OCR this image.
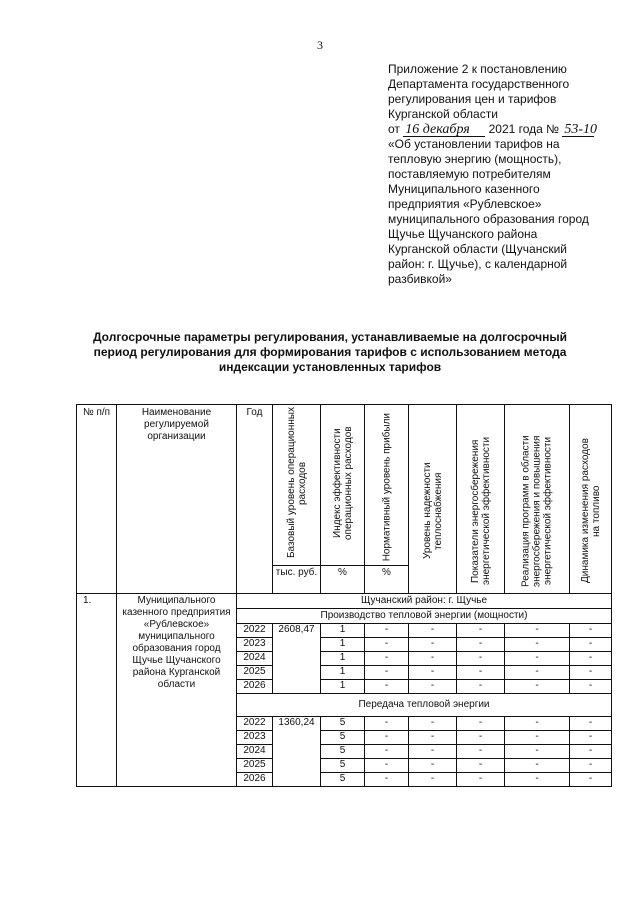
3
Приложение 2 к постановлению
Департамента государственного
регулирования цен и тарифов
Курганской области
от 16 декабря 2021 года № 53-10
«Об установлении тарифов на
тепловую энергию (мощность),
поставляемую потребителям
Муниципального казенного
предприятия «Рублевское»
муниципального образования город
Щучье Щучанского района
Курганской области (Щучанский
район: г. Щучье), с календарной
разбивкой»
Долгосрочные параметры регулирования, устанавливаемые на долгосрочный
период регулирования для формирования тарифов с использованием метода
индексации установленных тарифов
№ п/п	Наименование регулируемой организации	Год	Базовый уровень операционных расходов	Индекс эффективности операционных расходов	Нормативный уровень прибыли	Уровень надежности теплоснабжения	Показатели энергосбережения энергетической эффективности	Реализация программ в области энергосбережения и повышения энергетической эффективности	Динамика изменения расходов на топливо

			тыс. руб.	%	%				
1.	Муниципального казенного предприятия «Рублевское» муниципального образования город Щучье Щучанского района Курганской области	Щучанский район: г. Щучье							
		Производство тепловой энергии (мощности)							
		2022	2608,47	1	-	-	-	-	-
		2023		1	-	-	-	-	-
		2024		1	-	-	-	-	-
		2025		1	-	-	-	-	-
		2026		1	-	-	-	-	-
		Передача тепловой энергии							
		2022	1360,24	5	-	-	-	-	-
		2023		5	-	-	-	-	-
		2024		5	-	-	-	-	-
		2025		5	-	-	-	-	-
		2026		5	-	-	-	-	-
